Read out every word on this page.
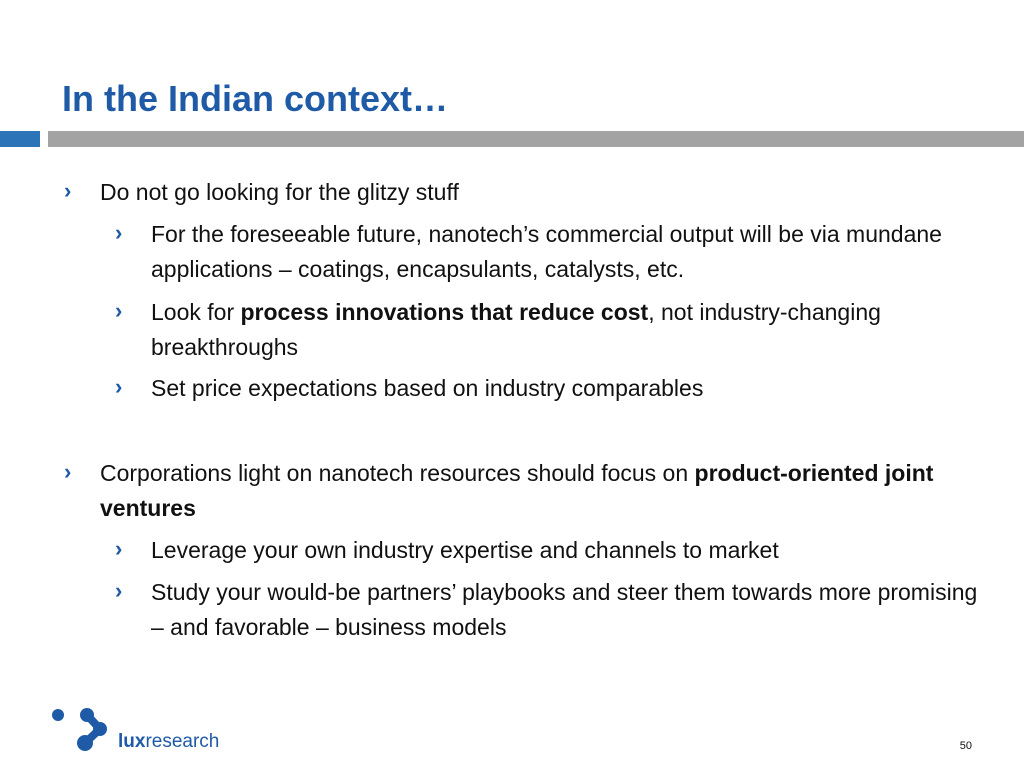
In the Indian context…
› Do not go looking for the glitzy stuff
› For the foreseeable future, nanotech’s commercial output will be via mundane applications – coatings, encapsulants, catalysts, etc.
› Look for process innovations that reduce cost, not industry-changing breakthroughs
› Set price expectations based on industry comparables
› Corporations light on nanotech resources should focus on product-oriented joint ventures
› Leverage your own industry expertise and channels to market
› Study your would-be partners’ playbooks and steer them towards more promising – and favorable – business models
luxresearch	50
